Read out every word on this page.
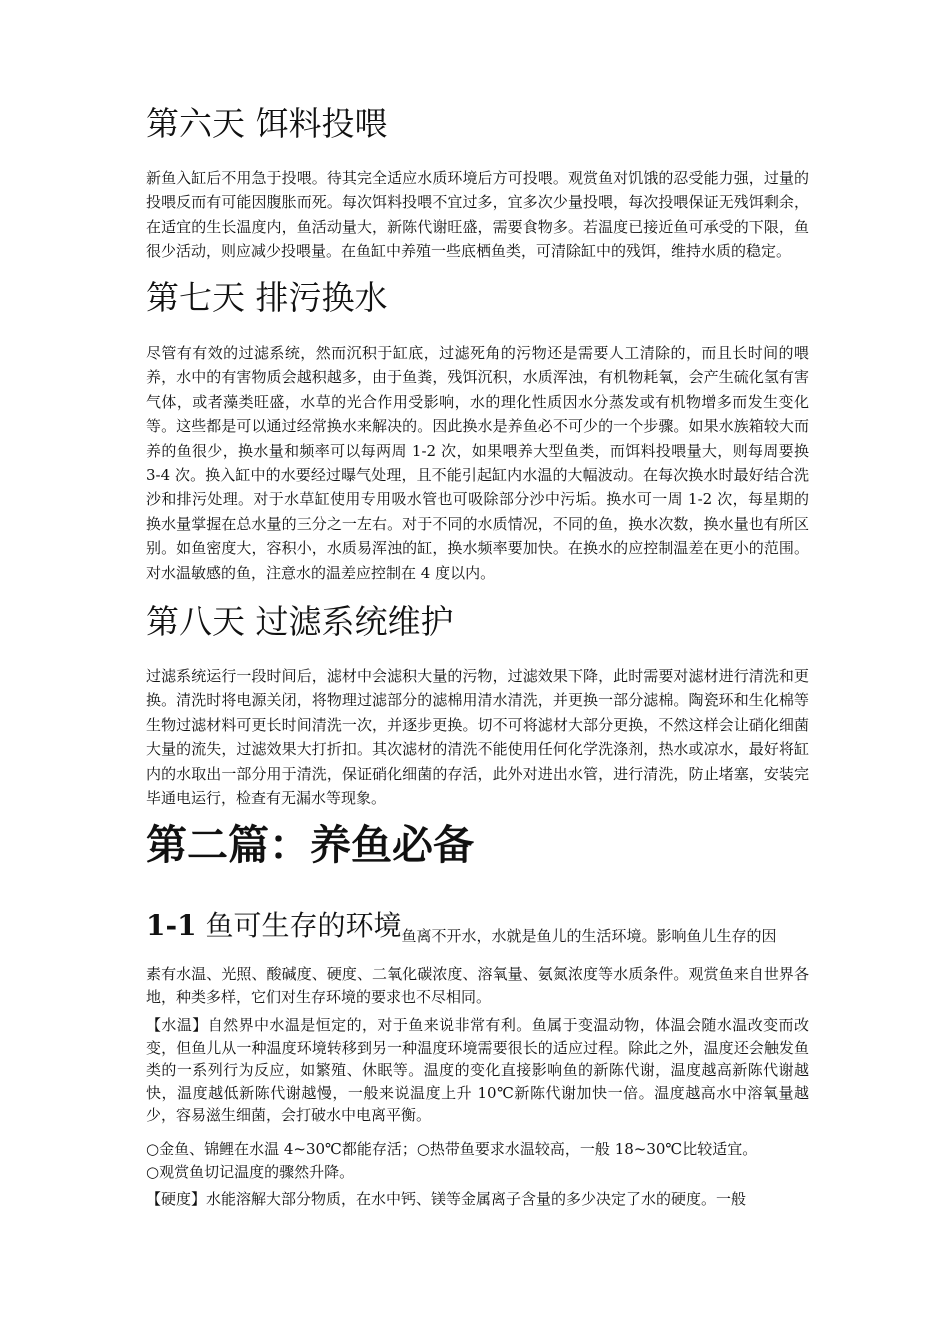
第六天 饵料投喂

新鱼入缸后不用急于投喂。待其完全适应水质环境后方可投喂。观赏鱼对饥饿的忍受能力强，过量的投喂反而有可能因腹胀而死。每次饵料投喂不宜过多，宜多次少量投喂，每次投喂保证无残饵剩余，在适宜的生长温度内，鱼活动量大，新陈代谢旺盛，需要食物多。若温度已接近鱼可承受的下限，鱼很少活动，则应减少投喂量。在鱼缸中养殖一些底栖鱼类，可清除缸中的残饵，维持水质的稳定。

第七天 排污换水

尽管有有效的过滤系统，然而沉积于缸底，过滤死角的污物还是需要人工清除的，而且长时间的喂养，水中的有害物质会越积越多，由于鱼粪，残饵沉积，水质浑浊，有机物耗氧，会产生硫化氢有害气体，或者藻类旺盛，水草的光合作用受影响，水的理化性质因水分蒸发或有机物增多而发生变化等。这些都是可以通过经常换水来解决的。因此换水是养鱼必不可少的一个步骤。如果水族箱较大而养的鱼很少，换水量和频率可以每两周 1-2 次，如果喂养大型鱼类，而饵料投喂量大，则每周要换 3-4 次。换入缸中的水要经过曝气处理，且不能引起缸内水温的大幅波动。在每次换水时最好结合洗沙和排污处理。对于水草缸使用专用吸水管也可吸除部分沙中污垢。换水可一周 1-2 次，每星期的换水量掌握在总水量的三分之一左右。对于不同的水质情况，不同的鱼，换水次数，换水量也有所区别。如鱼密度大，容积小，水质易浑浊的缸，换水频率要加快。在换水的应控制温差在更小的范围。对水温敏感的鱼，注意水的温差应控制在 4 度以内。

第八天 过滤系统维护

过滤系统运行一段时间后，滤材中会滤积大量的污物，过滤效果下降，此时需要对滤材进行清洗和更换。清洗时将电源关闭，将物理过滤部分的滤棉用清水清洗，并更换一部分滤棉。陶瓷环和生化棉等生物过滤材料可更长时间清洗一次，并逐步更换。切不可将滤材大部分更换，不然这样会让硝化细菌大量的流失，过滤效果大打折扣。其次滤材的清洗不能使用任何化学洗涤剂，热水或凉水，最好将缸内的水取出一部分用于清洗，保证硝化细菌的存活，此外对进出水管，进行清洗，防止堵塞，安装完毕通电运行，检查有无漏水等现象。

第二篇：养鱼必备
1-1 鱼可生存的环境$_{鱼离不开水,水就是鱼儿的生活环境。影响鱼儿生存的因}$

素有水温、光照、酸碱度、硬度、二氧化碳浓度、溶氧量、氨氮浓度等水质条件。观赏鱼来自世界各地，种类多样，它们对生存环境的要求也不尽相同。

【水温】自然界中水温是恒定的，对于鱼来说非常有利。鱼属于变温动物，体温会随水温改变而改变，但鱼儿从一种温度环境转移到另一种温度环境需要很长的适应过程。除此之外，温度还会触发鱼类的一系列行为反应，如繁殖、休眠等。温度的变化直接影响鱼的新陈代谢，温度越高新陈代谢越快，温度越低新陈代谢越慢，一般来说温度上升 10℃新陈代谢加快一倍。温度越高水中溶氧量越少，容易滋生细菌，会打破水中电离平衡。

○金鱼、锦鲤在水温 4~30℃都能存活；○热带鱼要求水温较高，一般 18~30℃比较适宜。

○观赏鱼切记温度的骤然升降。

【硬度】水能溶解大部分物质，在水中钙、镁等金属离子含量的多少决定了水的硬度。一般
